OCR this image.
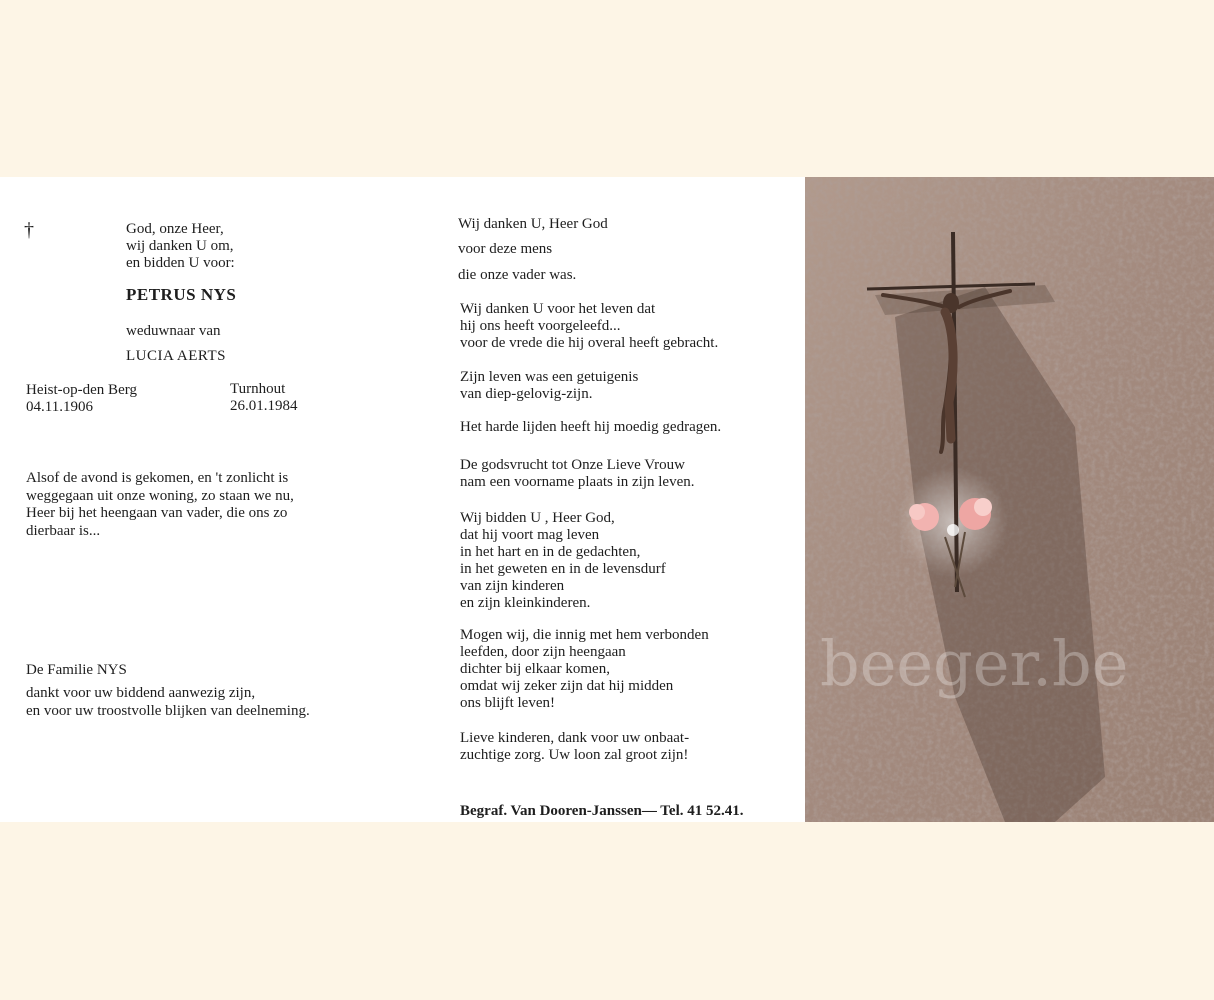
†	God, onze Heer,
wij danken U om,
en bidden U voor:
PETRUS NYS
weduwnaar van
LUCIA AERTS
Heist-op-den Berg
04.11.1906
Turnhout
26.01.1984
Alsof de avond is gekomen, en 't zonlicht is
weggegaan uit onze woning, zo staan we nu,
Heer bij het heengaan van vader, die ons zo
dierbaar is...
De Familie NYS
dankt voor uw biddend aanwezig zijn,
en voor uw troostvolle blijken van deelneming.
Wij danken U, Heer God
voor deze mens
die onze vader was.
Wij danken U voor het leven dat
hij ons heeft voorgeleefd...
voor de vrede die hij overal heeft gebracht.
Zijn leven was een getuigenis
van diep-gelovig-zijn.
Het harde lijden heeft hij moedig gedragen.
De godsvrucht tot Onze Lieve Vrouw
nam een voorname plaats in zijn leven.
Wij bidden U , Heer God,
dat hij voort mag leven
in het hart en in de gedachten,
in het geweten en in de levensdurf
van zijn kinderen
en zijn kleinkinderen.
Mogen wij, die innig met hem verbonden
leefden, door zijn heengaan
dichter bij elkaar komen,
omdat wij zeker zijn dat hij midden
ons blijft leven!
Lieve kinderen, dank voor uw onbaat-
zuchtige zorg. Uw loon zal groot zijn!
Begraf. Van Dooren-Janssen— Tel. 41 52.41.
beeger.be
